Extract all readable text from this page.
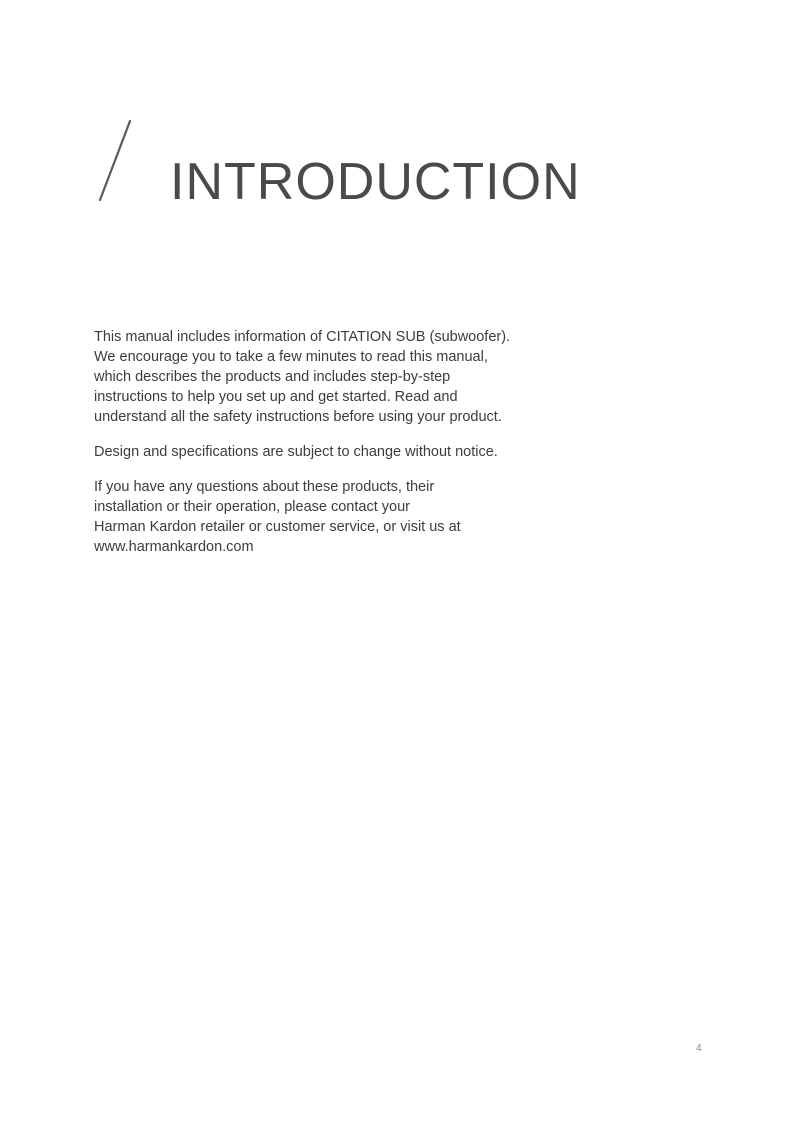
INTRODUCTION

This manual includes information of CITATION SUB (subwoofer).
We encourage you to take a few minutes to read this manual,
which describes the products and includes step-by-step
instructions to help you set up and get started. Read and
understand all the safety instructions before using your product.

Design and specifications are subject to change without notice.

If you have any questions about these products, their
installation or their operation, please contact your
Harman Kardon retailer or customer service, or visit us at
www.harmankardon.com

4
